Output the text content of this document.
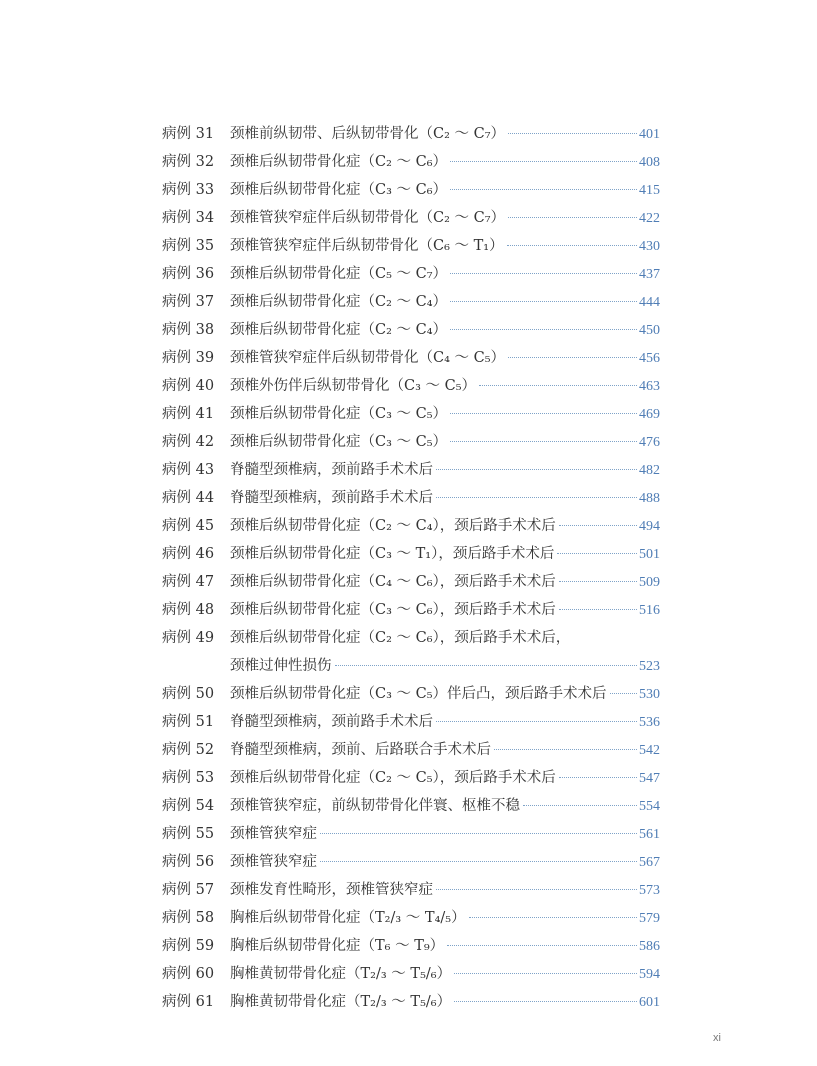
病例 31	颈椎前纵韧带、后纵韧带骨化（C₂ ～ C₇）	401
病例 32	颈椎后纵韧带骨化症（C₂ ～ C₆）	408
病例 33	颈椎后纵韧带骨化症（C₃ ～ C₆）	415
病例 34	颈椎管狭窄症伴后纵韧带骨化（C₂ ～ C₇）	422
病例 35	颈椎管狭窄症伴后纵韧带骨化（C₆ ～ T₁）	430
病例 36	颈椎后纵韧带骨化症（C₅ ～ C₇）	437
病例 37	颈椎后纵韧带骨化症（C₂ ～ C₄）	444
病例 38	颈椎后纵韧带骨化症（C₂ ～ C₄）	450
病例 39	颈椎管狭窄症伴后纵韧带骨化（C₄ ～ C₅）	456
病例 40	颈椎外伤伴后纵韧带骨化（C₃ ～ C₅）	463
病例 41	颈椎后纵韧带骨化症（C₃ ～ C₅）	469
病例 42	颈椎后纵韧带骨化症（C₃ ～ C₅）	476
病例 43	脊髓型颈椎病，颈前路手术术后	482
病例 44	脊髓型颈椎病，颈前路手术术后	488
病例 45	颈椎后纵韧带骨化症（C₂ ～ C₄），颈后路手术术后	494
病例 46	颈椎后纵韧带骨化症（C₃ ～ T₁），颈后路手术术后	501
病例 47	颈椎后纵韧带骨化症（C₄ ～ C₆），颈后路手术术后	509
病例 48	颈椎后纵韧带骨化症（C₃ ～ C₆），颈后路手术术后	516
病例 49	颈椎后纵韧带骨化症（C₂ ～ C₆），颈后路手术术后，
颈椎过伸性损伤	523
病例 50	颈椎后纵韧带骨化症（C₃ ～ C₅）伴后凸，颈后路手术术后 530
病例 51	脊髓型颈椎病，颈前路手术术后	536
病例 52	脊髓型颈椎病，颈前、后路联合手术术后	542
病例 53	颈椎后纵韧带骨化症（C₂ ～ C₅），颈后路手术术后	547
病例 54	颈椎管狭窄症，前纵韧带骨化伴寰、枢椎不稳	554
病例 55	颈椎管狭窄症	561
病例 56	颈椎管狭窄症	567
病例 57	颈椎发育性畸形，颈椎管狭窄症	573
病例 58	胸椎后纵韧带骨化症（T₂/₃ ～ T₄/₅）	579
病例 59	胸椎后纵韧带骨化症（T₆ ～ T₉）	586
病例 60	胸椎黄韧带骨化症（T₂/₃ ～ T₅/₆）	594
病例 61	胸椎黄韧带骨化症（T₂/₃ ～ T₅/₆）	601
xi
